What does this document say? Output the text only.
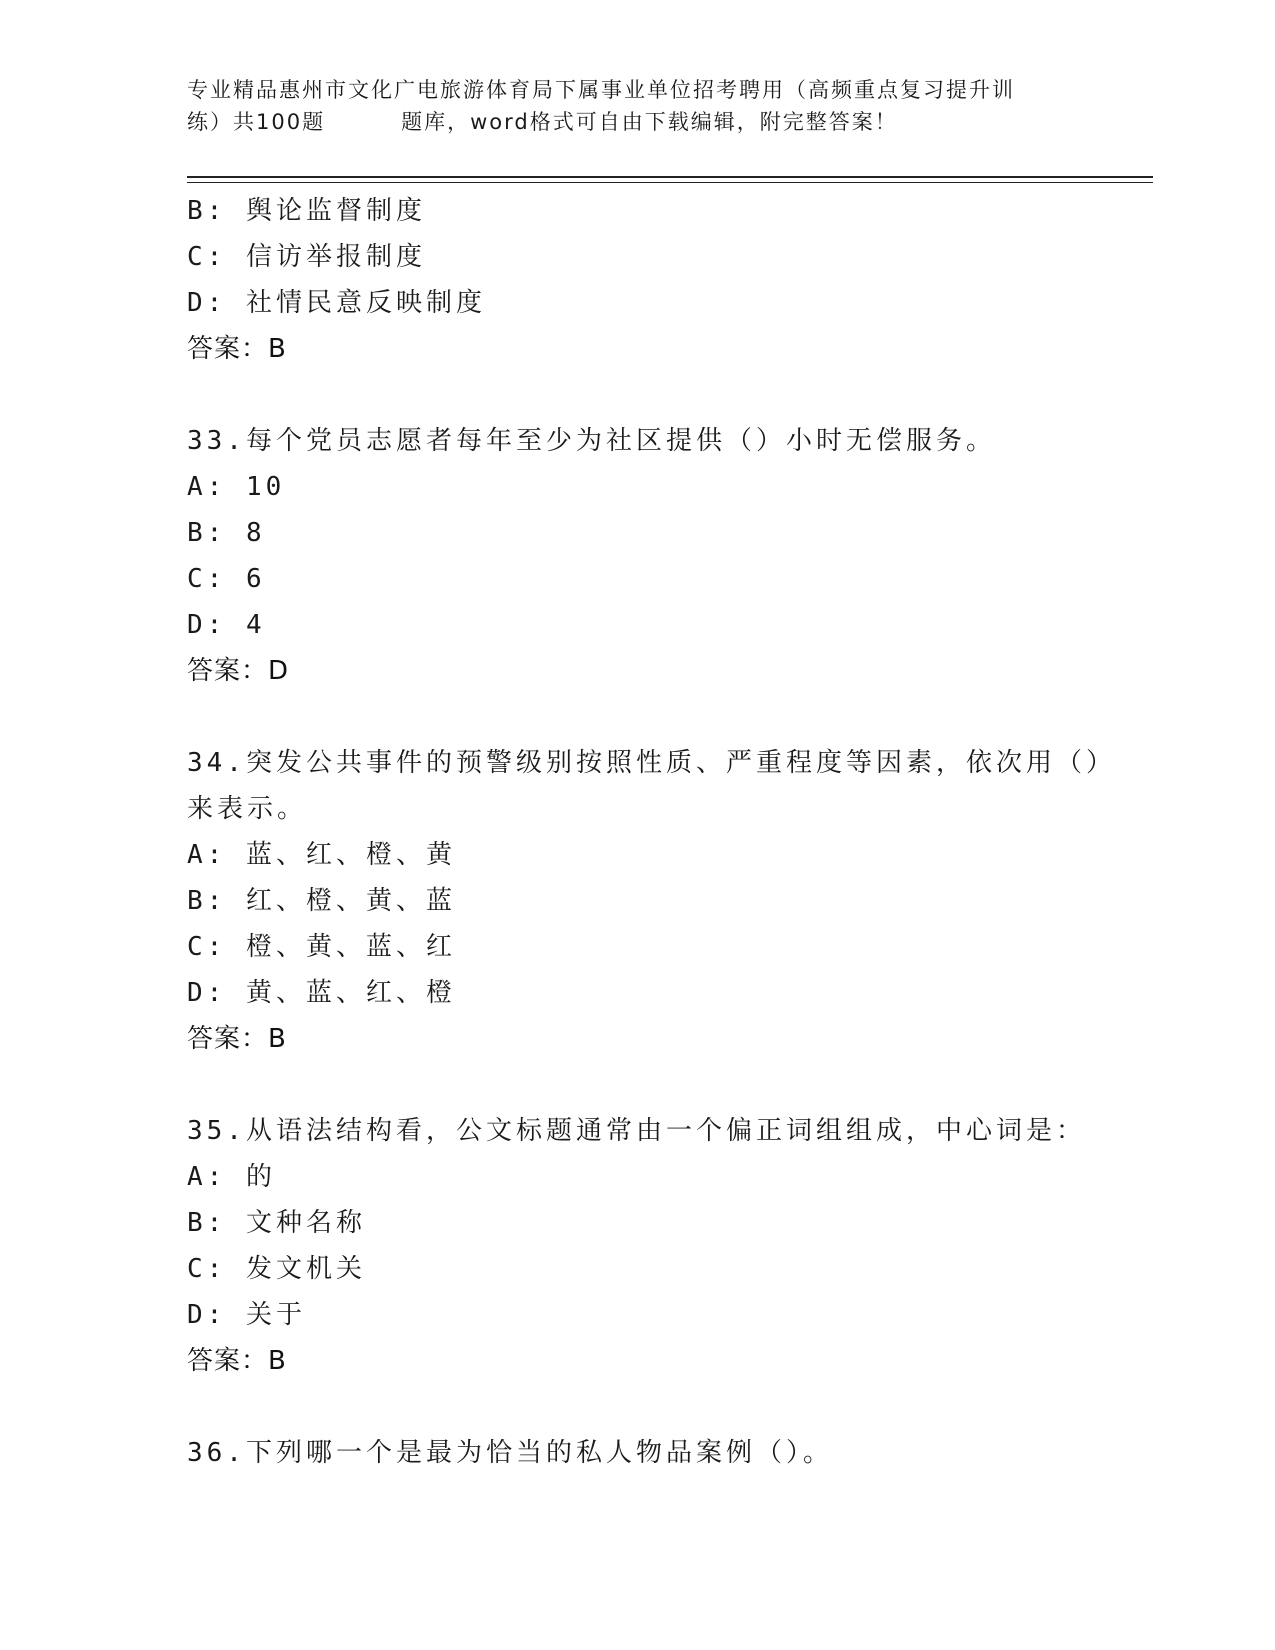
专业精品惠州市文化广电旅游体育局下属事业单位招考聘用（高频重点复习提升训
练）共100题	题库，word格式可自由下载编辑，附完整答案！
B: 舆论监督制度
C: 信访举报制度
D: 社情民意反映制度
答案：B
33.每个党员志愿者每年至少为社区提供（）小时无偿服务。
A: 10
B: 8
C: 6
D: 4
答案：D
34.突发公共事件的预警级别按照性质、严重程度等因素，依次用（）
来表示。
A: 蓝、红、橙、黄
B: 红、橙、黄、蓝
C: 橙、黄、蓝、红
D: 黄、蓝、红、橙
答案：B
35.从语法结构看，公文标题通常由一个偏正词组组成，中心词是：
A: 的
B: 文种名称
C: 发文机关
D: 关于
答案：B
36.下列哪一个是最为恰当的私人物品案例（）。
